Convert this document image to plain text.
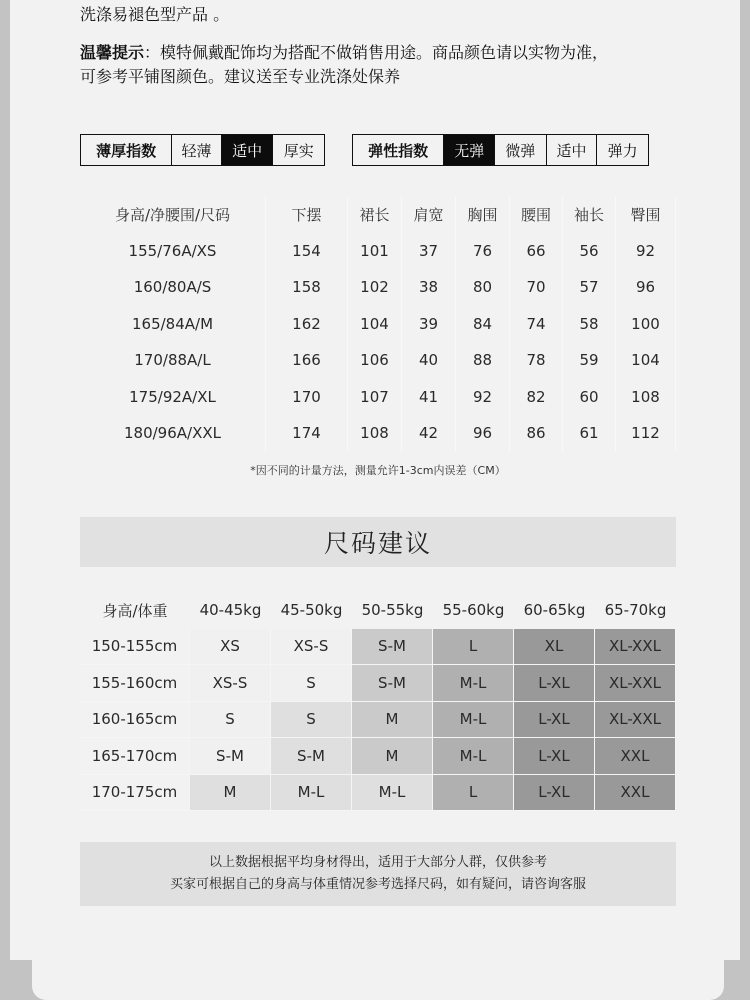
洗涤易褪色型产品 。
温馨提示：模特佩戴配饰均为搭配不做销售用途。商品颜色请以实物为准，
可参考平铺图颜色。建议送至专业洗涤处保养
薄厚指数	轻薄	适中	厚实	弹性指数	无弹	微弹	适中	弹力
身高/净腰围/尺码	下摆	裙长	肩宽	胸围	腰围	袖长	臀围
155/76A/XS	154	101	37	76	66	56	92
160/80A/S	158	102	38	80	70	57	96
165/84A/M	162	104	39	84	74	58	100
170/88A/L	166	106	40	88	78	59	104
175/92A/XL	170	107	41	92	82	60	108
180/96A/XXL	174	108	42	96	86	61	112
*因不同的计量方法，测量允许1-3cm内误差（CM）
尺码建议
身高/体重	40-45kg	45-50kg	50-55kg	55-60kg	60-65kg	65-70kg
150-155cm	XS	XS-S	S-M	L	XL	XL-XXL
155-160cm	XS-S	S	S-M	M-L	L-XL	XL-XXL
160-165cm	S	S	M	M-L	L-XL	XL-XXL
165-170cm	S-M	S-M	M	M-L	L-XL	XXL
170-175cm	M	M-L	M-L	L	L-XL	XXL
以上数据根据平均身材得出，适用于大部分人群，仅供参考
买家可根据自己的身高与体重情况参考选择尺码，如有疑问，请咨询客服
